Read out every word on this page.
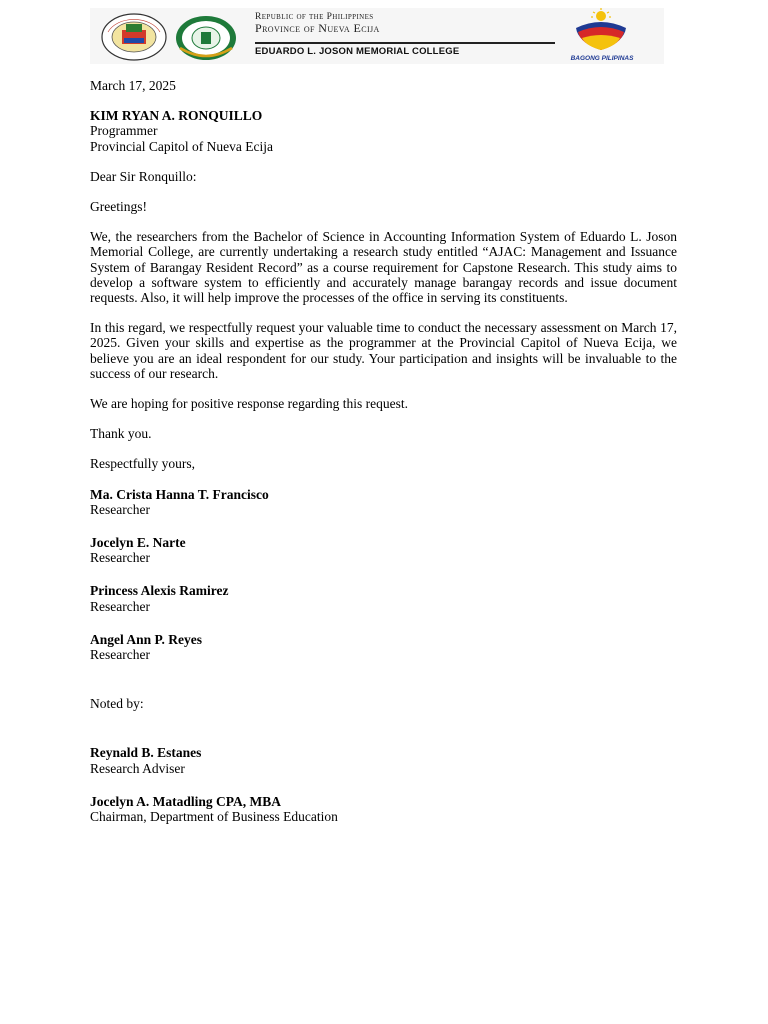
Republic of the Philippines
Province of Nueva Ecija
EDUARDO L. JOSON MEMORIAL COLLEGE
BAGONG PILIPINAS

March 17, 2025

KIM RYAN A. RONQUILLO

Programmer

Provincial Capitol of Nueva Ecija

Dear Sir Ronquillo:

Greetings!

We, the researchers from the Bachelor of Science in Accounting Information System of Eduardo L. Joson Memorial College, are currently undertaking a research study entitled “AJAC: Management and Issuance System of Barangay Resident Record” as a course requirement for Capstone Research. This study aims to develop a software system to efficiently and accurately manage barangay records and issue document requests. Also, it will help improve the processes of the office in serving its constituents.

In this regard, we respectfully request your valuable time to conduct the necessary assessment on March 17, 2025. Given your skills and expertise as the programmer at the Provincial Capitol of Nueva Ecija, we believe you are an ideal respondent for our study. Your participation and insights will be invaluable to the success of our research.

We are hoping for positive response regarding this request.

Thank you.

Respectfully yours,

Ma. Crista Hanna T. Francisco

Researcher

Jocelyn E. Narte

Researcher

Princess Alexis Ramirez

Researcher

Angel Ann P. Reyes

Researcher

Noted by:

Reynald B. Estanes

Research Adviser

Jocelyn A. Matadling CPA, MBA

Chairman, Department of Business Education
